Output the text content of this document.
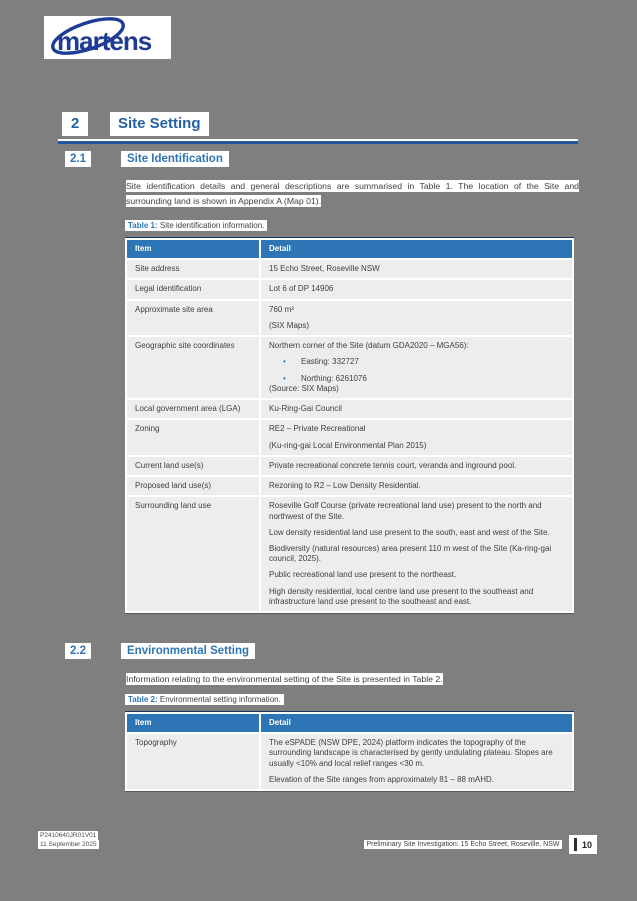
martens
2	Site Setting
2.1	Site Identification
Site identification details and general descriptions are summarised in Table 1. The location of the Site and surrounding land is shown in Appendix A (Map 01).
Table 1: Site identification information.
Item	Detail
Site address	15 Echo Street, Roseville NSW

Legal identification	Lot 6 of DP 14906

Approximate site area	760 m²
(SIX Maps)

Geographic site coordinates	Northern corner of the Site (datum GDA2020 – MGA56):
•	Easting: 332727
•	Northing: 6261076
(Source: SIX Maps)

Local government area (LGA)	Ku-Ring-Gai Council

Zoning	RE2 – Private Recreational
(Ku-ring-gai Local Environmental Plan 2015)

Current land use(s)	Private recreational concrete tennis court, veranda and inground pool.

Proposed land use(s)	Rezoning to R2 – Low Density Residential.

Surrounding land use	Roseville Golf Course (private recreational land use) present to the north and northwest of the Site.
Low density residential land use present to the south, east and west of the Site.
Biodiversity (natural resources) area present 110 m west of the Site (Ka-ring-gai council, 2025).
Public recreational land use present to the northeast.
High density residential, local centre land use present to the southeast and infrastructure land use present to the southeast and east.
2.2	Environmental Setting
Information relating to the environmental setting of the Site is presented in Table 2.
Table 2: Environmental setting information.
Item	Detail
Topography	The eSPADE (NSW DPE, 2024) platform indicates the topography of the surrounding landscape is characterised by gently undulating plateau. Slopes are usually <10% and local relief ranges <30 m.
Elevation of the Site ranges from approximately 81 – 88 mAHD.
P2410640JR01V01
11 September 2025	Preliminary Site Investigation: 15 Echo Street, Roseville, NSW	10
